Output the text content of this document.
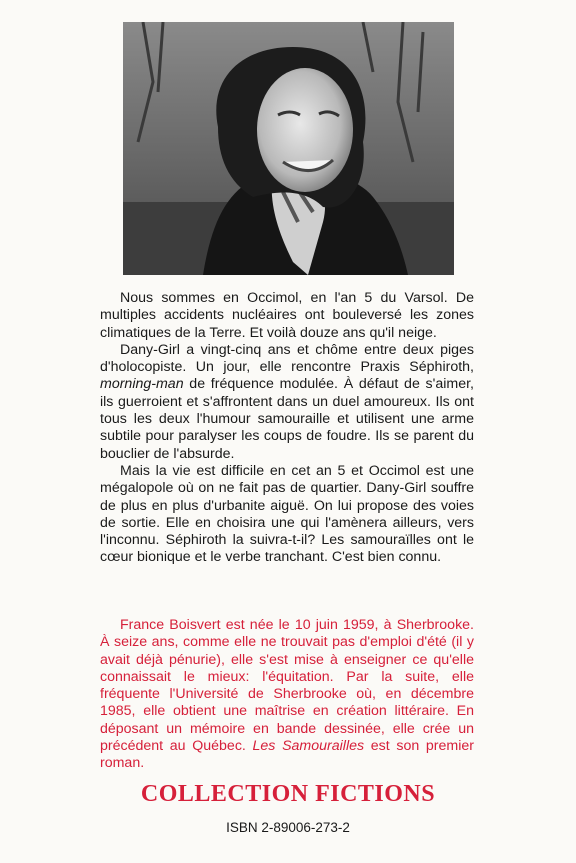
Nous sommes en Occimol, en l'an 5 du Varsol. De multiples accidents nucléaires ont bouleversé les zones climatiques de la Terre. Et voilà douze ans qu'il neige.

Dany-Girl a vingt-cinq ans et chôme entre deux piges d'holocopiste. Un jour, elle rencontre Praxis Séphiroth, morning-man de fréquence modulée. À défaut de s'aimer, ils guerroient et s'affrontent dans un duel amoureux. Ils ont tous les deux l'humour samouraille et utilisent une arme subtile pour paralyser les coups de foudre. Ils se parent du bouclier de l'absurde.

Mais la vie est difficile en cet an 5 et Occimol est une mégalopole où on ne fait pas de quartier. Dany-Girl souffre de plus en plus d'urbanite aiguë. On lui propose des voies de sortie. Elle en choisira une qui l'amènera ailleurs, vers l'inconnu. Séphiroth la suivra-t-il? Les samouraïlles ont le cœur bionique et le verbe tranchant. C'est bien connu.

France Boisvert est née le 10 juin 1959, à Sherbrooke. À seize ans, comme elle ne trouvait pas d'emploi d'été (il y avait déjà pénurie), elle s'est mise à enseigner ce qu'elle connaissait le mieux: l'équitation. Par la suite, elle fréquente l'Université de Sherbrooke où, en décembre 1985, elle obtient une maîtrise en création littéraire. En déposant un mémoire en bande dessinée, elle crée un précédent au Québec. Les Samourailles est son premier roman.

COLLECTION FICTIONS
ISBN 2-89006-273-2
